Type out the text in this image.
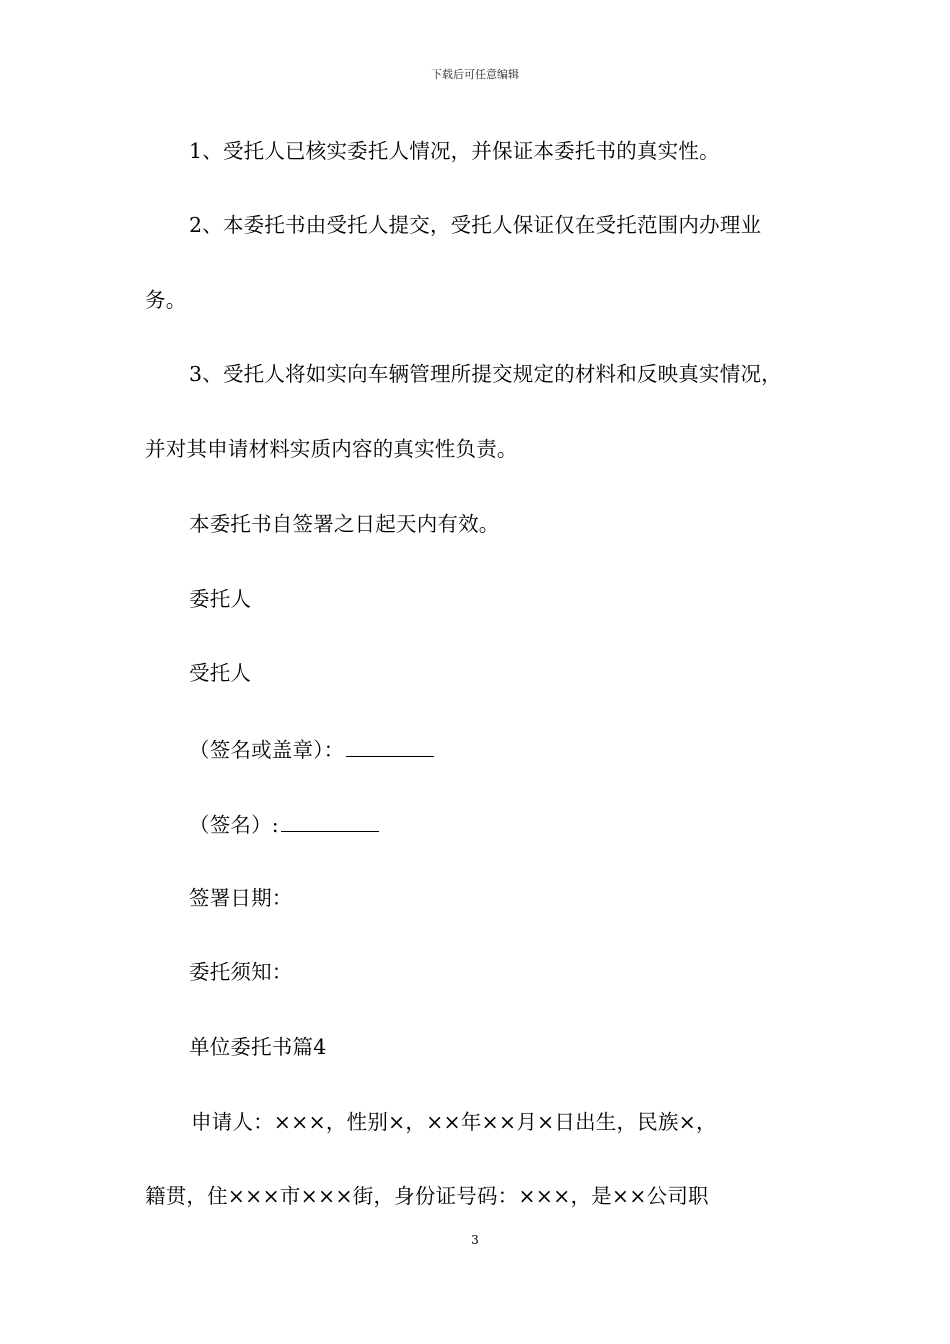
下载后可任意编辑
1、受托人已核实委托人情况，并保证本委托书的真实性。
2、本委托书由受托人提交，受托人保证仅在受托范围内办理业
务。
3、受托人将如实向车辆管理所提交规定的材料和反映真实情况，
并对其申请材料实质内容的真实性负责。
本委托书自签署之日起天内有效。
委托人
受托人
（签名或盖章）：
（签名）:
签署日期：
委托须知：
单位委托书篇4
申请人：×××，性别×，××年××月×日出生，民族×，
籍贯，住×××市×××街，身份证号码：×××，是××公司职
3
